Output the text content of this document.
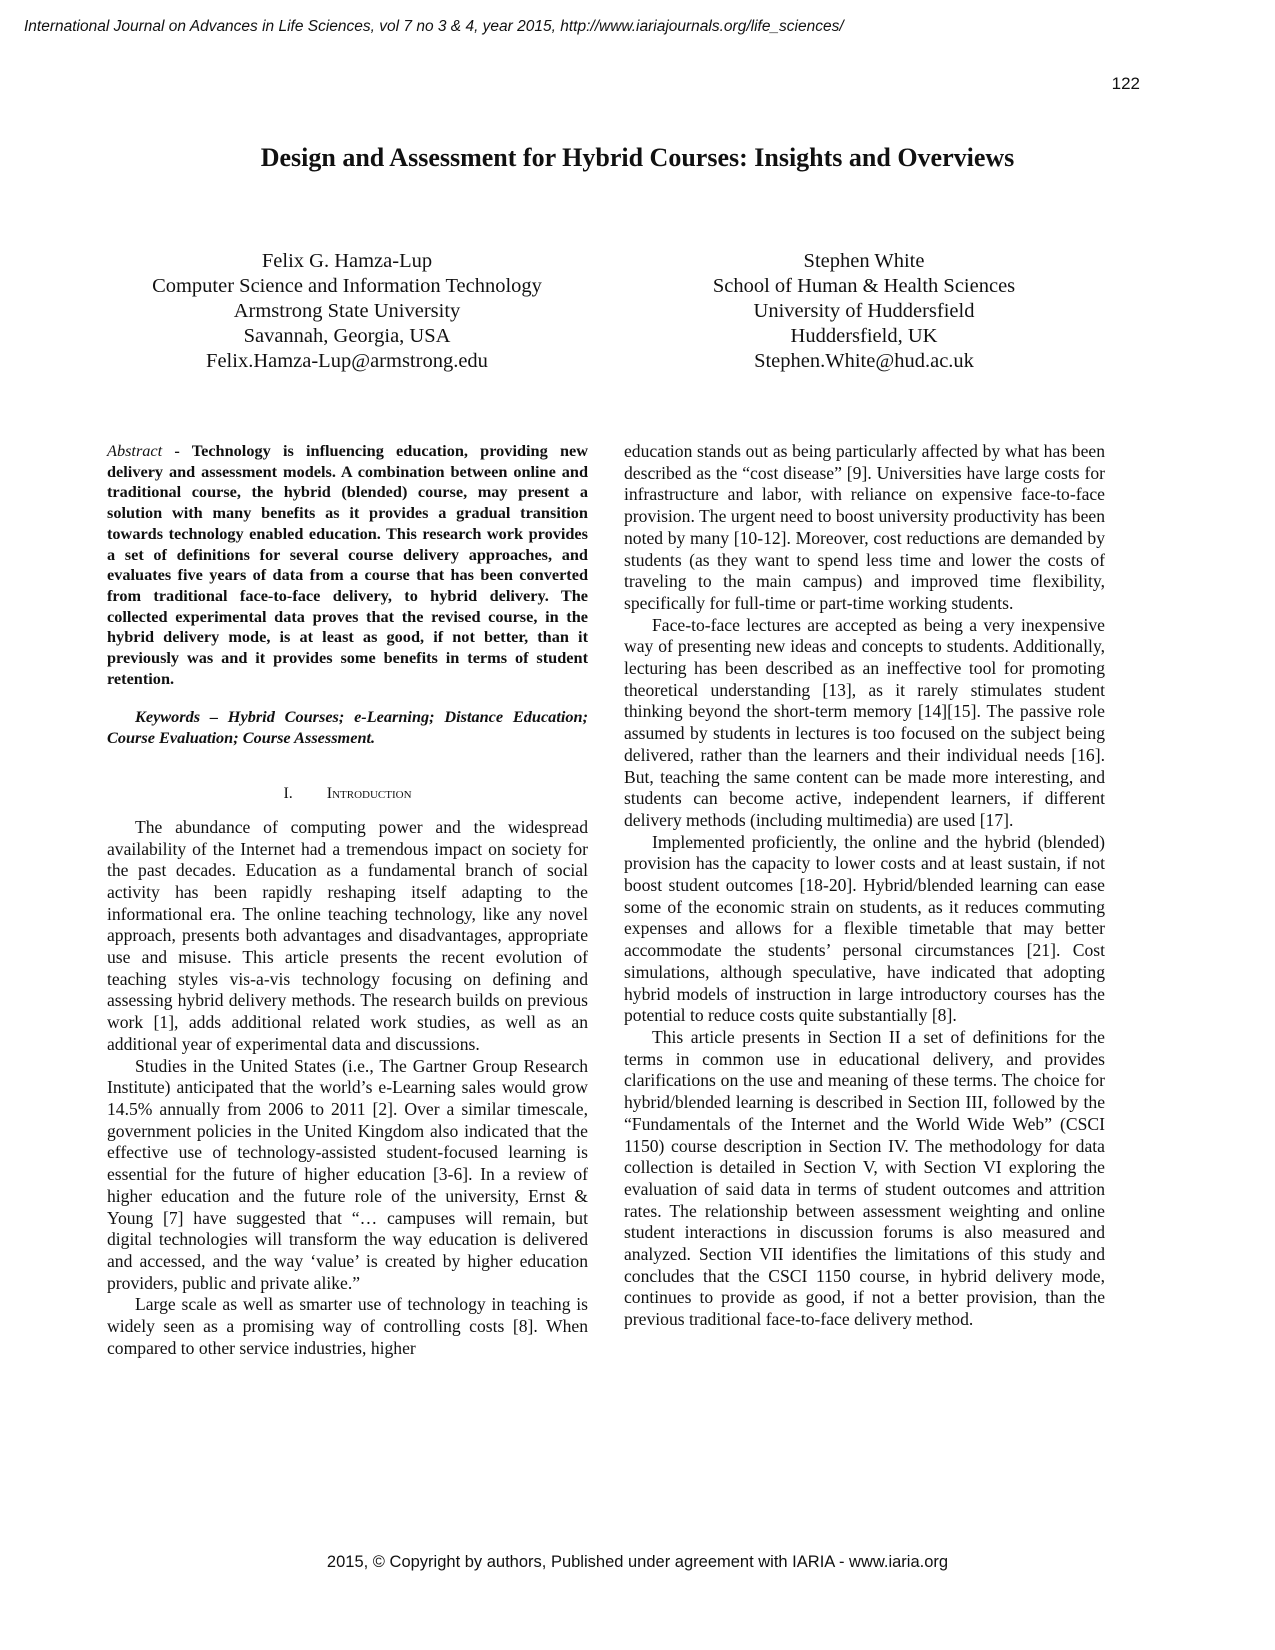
International Journal on Advances in Life Sciences, vol 7 no 3 & 4, year 2015, http://www.iariajournals.org/life_sciences/
122
Design and Assessment for Hybrid Courses: Insights and Overviews
Felix G. Hamza-Lup
Computer Science and Information Technology
Armstrong State University
Savannah, Georgia, USA
Felix.Hamza-Lup@armstrong.edu
Stephen White
School of Human & Health Sciences
University of Huddersfield
Huddersfield, UK
Stephen.White@hud.ac.uk
Abstract - Technology is influencing education, providing new delivery and assessment models. A combination between online and traditional course, the hybrid (blended) course, may present a solution with many benefits as it provides a gradual transition towards technology enabled education. This research work provides a set of definitions for several course delivery approaches, and evaluates five years of data from a course that has been converted from traditional face-to-face delivery, to hybrid delivery. The collected experimental data proves that the revised course, in the hybrid delivery mode, is at least as good, if not better, than it previously was and it provides some benefits in terms of student retention.
Keywords – Hybrid Courses; e-Learning; Distance Education; Course Evaluation; Course Assessment.
I. Introduction

The abundance of computing power and the widespread availability of the Internet had a tremendous impact on society for the past decades. Education as a fundamental branch of social activity has been rapidly reshaping itself adapting to the informational era. The online teaching technology, like any novel approach, presents both advantages and disadvantages, appropriate use and misuse. This article presents the recent evolution of teaching styles vis-a-vis technology focusing on defining and assessing hybrid delivery methods. The research builds on previous work [1], adds additional related work studies, as well as an additional year of experimental data and discussions.

Studies in the United States (i.e., The Gartner Group Research Institute) anticipated that the world’s e-Learning sales would grow 14.5% annually from 2006 to 2011 [2]. Over a similar timescale, government policies in the United Kingdom also indicated that the effective use of technology-assisted student-focused learning is essential for the future of higher education [3-6]. In a review of higher education and the future role of the university, Ernst & Young [7] have suggested that “… campuses will remain, but digital technologies will transform the way education is delivered and accessed, and the way ‘value’ is created by higher education providers, public and private alike.”

Large scale as well as smarter use of technology in teaching is widely seen as a promising way of controlling costs [8]. When compared to other service industries, higher

education stands out as being particularly affected by what has been described as the “cost disease” [9]. Universities have large costs for infrastructure and labor, with reliance on expensive face-to-face provision. The urgent need to boost university productivity has been noted by many [10-12]. Moreover, cost reductions are demanded by students (as they want to spend less time and lower the costs of traveling to the main campus) and improved time flexibility, specifically for full-time or part-time working students.

Face-to-face lectures are accepted as being a very inexpensive way of presenting new ideas and concepts to students. Additionally, lecturing has been described as an ineffective tool for promoting theoretical understanding [13], as it rarely stimulates student thinking beyond the short-term memory [14][15]. The passive role assumed by students in lectures is too focused on the subject being delivered, rather than the learners and their individual needs [16]. But, teaching the same content can be made more interesting, and students can become active, independent learners, if different delivery methods (including multimedia) are used [17].

Implemented proficiently, the online and the hybrid (blended) provision has the capacity to lower costs and at least sustain, if not boost student outcomes [18-20]. Hybrid/blended learning can ease some of the economic strain on students, as it reduces commuting expenses and allows for a flexible timetable that may better accommodate the students’ personal circumstances [21]. Cost simulations, although speculative, have indicated that adopting hybrid models of instruction in large introductory courses has the potential to reduce costs quite substantially [8].

This article presents in Section II a set of definitions for the terms in common use in educational delivery, and provides clarifications on the use and meaning of these terms. The choice for hybrid/blended learning is described in Section III, followed by the “Fundamentals of the Internet and the World Wide Web” (CSCI 1150) course description in Section IV. The methodology for data collection is detailed in Section V, with Section VI exploring the evaluation of said data in terms of student outcomes and attrition rates. The relationship between assessment weighting and online student interactions in discussion forums is also measured and analyzed. Section VII identifies the limitations of this study and concludes that the CSCI 1150 course, in hybrid delivery mode, continues to provide as good, if not a better provision, than the previous traditional face-to-face delivery method.

2015, © Copyright by authors, Published under agreement with IARIA - www.iaria.org
